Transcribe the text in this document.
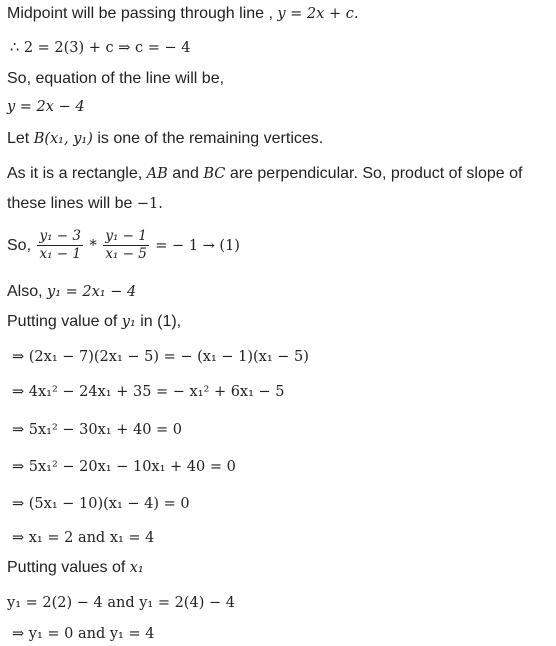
Midpoint will be passing through line , y = 2x + c.
∴ 2 = 2(3) + c ⇒ c = − 4
So, equation of the line will be,
y = 2x − 4
Let B(x₁, y₁) is one of the remaining vertices.
As it is a rectangle, AB and BC are perpendicular. So, product of slope of
these lines will be −1.
So, $\frac{\text{y₁ − 3}}{\text{x₁ − 1}} * \frac{\text{y₁ − 1}}{\text{x₁ − 5}}$ = − 1 → (1)
Also, y₁ = 2x₁ − 4
Putting value of y₁ in (1),
⇒ (2x₁ − 7)(2x₁ − 5) = − (x₁ − 1)(x₁ − 5)
⇒ 4x₁² − 24x₁ + 35 = − x₁² + 6x₁ − 5
⇒ 5x₁² − 30x₁ + 40 = 0
⇒ 5x₁² − 20x₁ − 10x₁ + 40 = 0
⇒ (5x₁ − 10)(x₁ − 4) = 0
⇒ x₁ = 2 and x₁ = 4
Putting values of x₁
y₁ = 2(2) − 4 and y₁ = 2(4) − 4
⇒ y₁ = 0 and y₁ = 4
